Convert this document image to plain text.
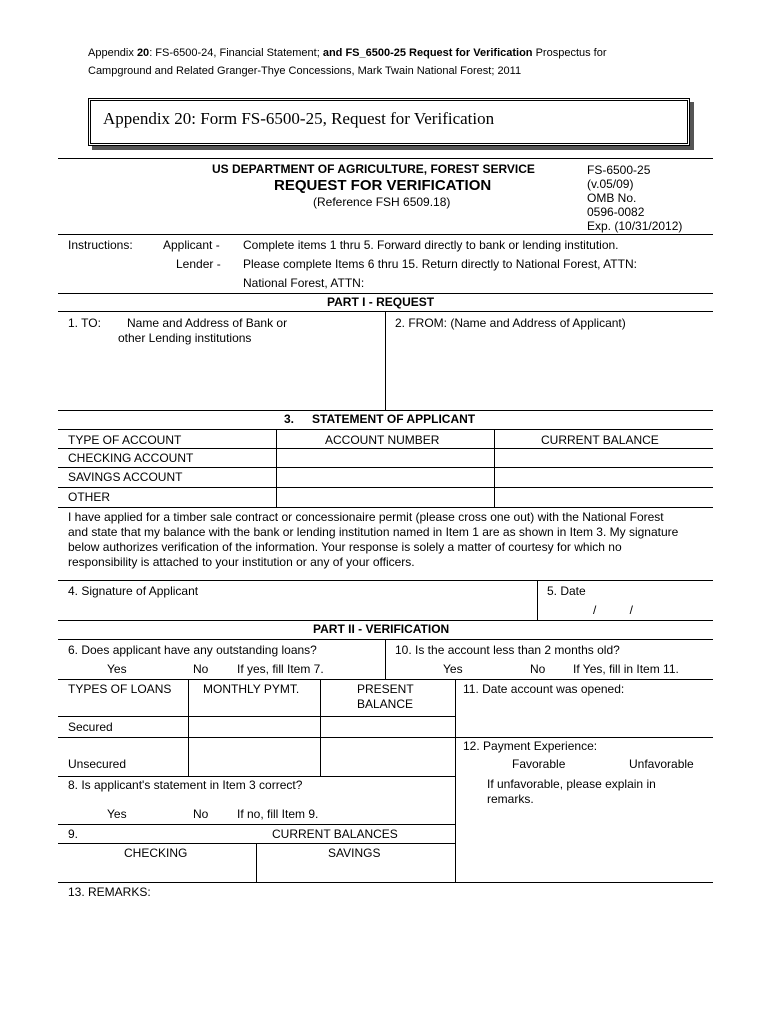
Appendix 20: FS-6500-24, Financial Statement; and FS_6500-25 Request for Verification Prospectus for
Campground and Related Granger-Thye Concessions, Mark Twain National Forest; 2011
Appendix 20: Form FS-6500-25, Request for Verification
US DEPARTMENT OF AGRICULTURE, FOREST SERVICE
REQUEST FOR VERIFICATION
(Reference FSH 6509.18)
FS-6500-25
(v.05/09)
OMB No.
0596-0082
Exp. (10/31/2012)
Instructions:	Applicant - Complete items 1 thru 5. Forward directly to bank or lending institution.
Lender - Please complete Items 6 thru 15. Return directly to National Forest, ATTN:
National Forest, ATTN:
PART I - REQUEST
1. TO: Name and Address of Bank or
other Lending institutions
2. FROM: (Name and Address of Applicant)
3. STATEMENT OF APPLICANT
TYPE OF ACCOUNT	ACCOUNT NUMBER	CURRENT BALANCE
CHECKING ACCOUNT
SAVINGS ACCOUNT
OTHER
I have applied for a timber sale contract or concessionaire permit (please cross one out) with the National Forest
and state that my balance with the bank or lending institution named in Item 1 are as shown in Item 3. My signature
below authorizes verification of the information. Your response is solely a matter of courtesy for which no
responsibility is attached to your institution or any of your officers.
4. Signature of Applicant	5. Date
/          /
PART II - VERIFICATION
6. Does applicant have any outstanding loans?
Yes	No If yes, fill Item 7.
10. Is the account less than 2 months old?
Yes	No If Yes, fill in Item 11.
TYPES OF LOANS	MONTHLY PYMT.	PRESENT
BALANCE
11. Date account was opened:
Secured
12. Payment Experience:
Favorable	Unfavorable
Unsecured
If unfavorable, please explain in
remarks.
8. Is applicant's statement in Item 3 correct?
Yes	No If no, fill Item 9.
9.	CURRENT BALANCES
CHECKING	SAVINGS
13. REMARKS:
